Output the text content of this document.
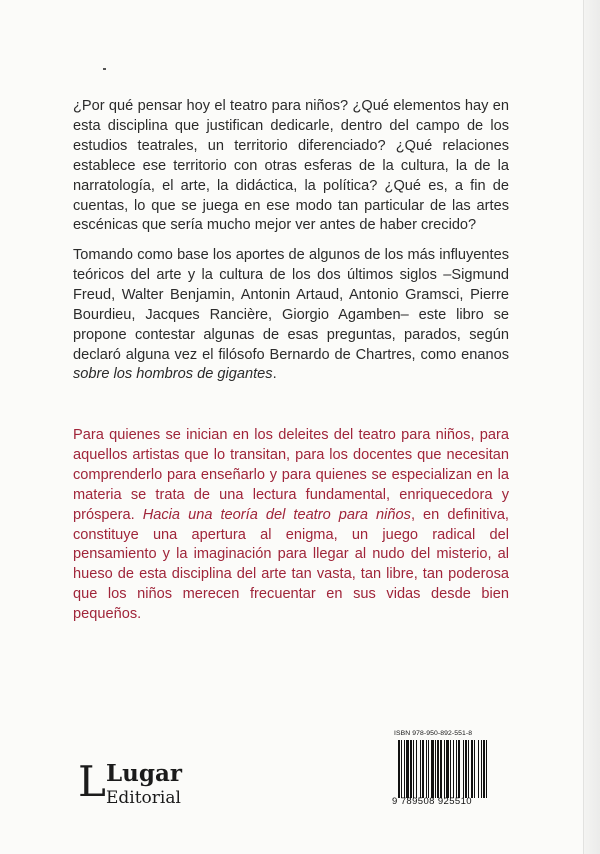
¿Por qué pensar hoy el teatro para niños? ¿Qué elementos hay en esta disciplina que justifican dedicarle, dentro del campo de los estudios teatrales, un territorio diferenciado? ¿Qué relaciones establece ese territorio con otras esferas de la cultura, la de la narratología, el arte, la didáctica, la política? ¿Qué es, a fin de cuentas, lo que se juega en ese modo tan particular de las artes escénicas que sería mucho mejor ver antes de haber crecido?

Tomando como base los aportes de algunos de los más influyentes teóricos del arte y la cultura de los dos últimos siglos –Sigmund Freud, Walter Benjamin, Antonin Artaud, Antonio Gramsci, Pierre Bourdieu, Jacques Rancière, Giorgio Agamben– este libro se propone contestar algunas de esas preguntas, parados, según declaró alguna vez el filósofo Bernardo de Chartres, como enanos sobre los hombros de gigantes.

Para quienes se inician en los deleites del teatro para niños, para aquellos artistas que lo transitan, para los docentes que necesitan comprenderlo para enseñarlo y para quienes se especializan en la materia se trata de una lectura fundamental, enriquecedora y próspera. Hacia una teoría del teatro para niños, en definitiva, constituye una apertura al enigma, un juego radical del pensamiento y la imaginación para llegar al nudo del misterio, al hueso de esta disciplina del arte tan vasta, tan libre, tan poderosa que los niños merecen frecuentar en sus vidas desde bien pequeños.

L Lugar
Editorial
ISBN 978-950-892-551-8
9 789508 925510
